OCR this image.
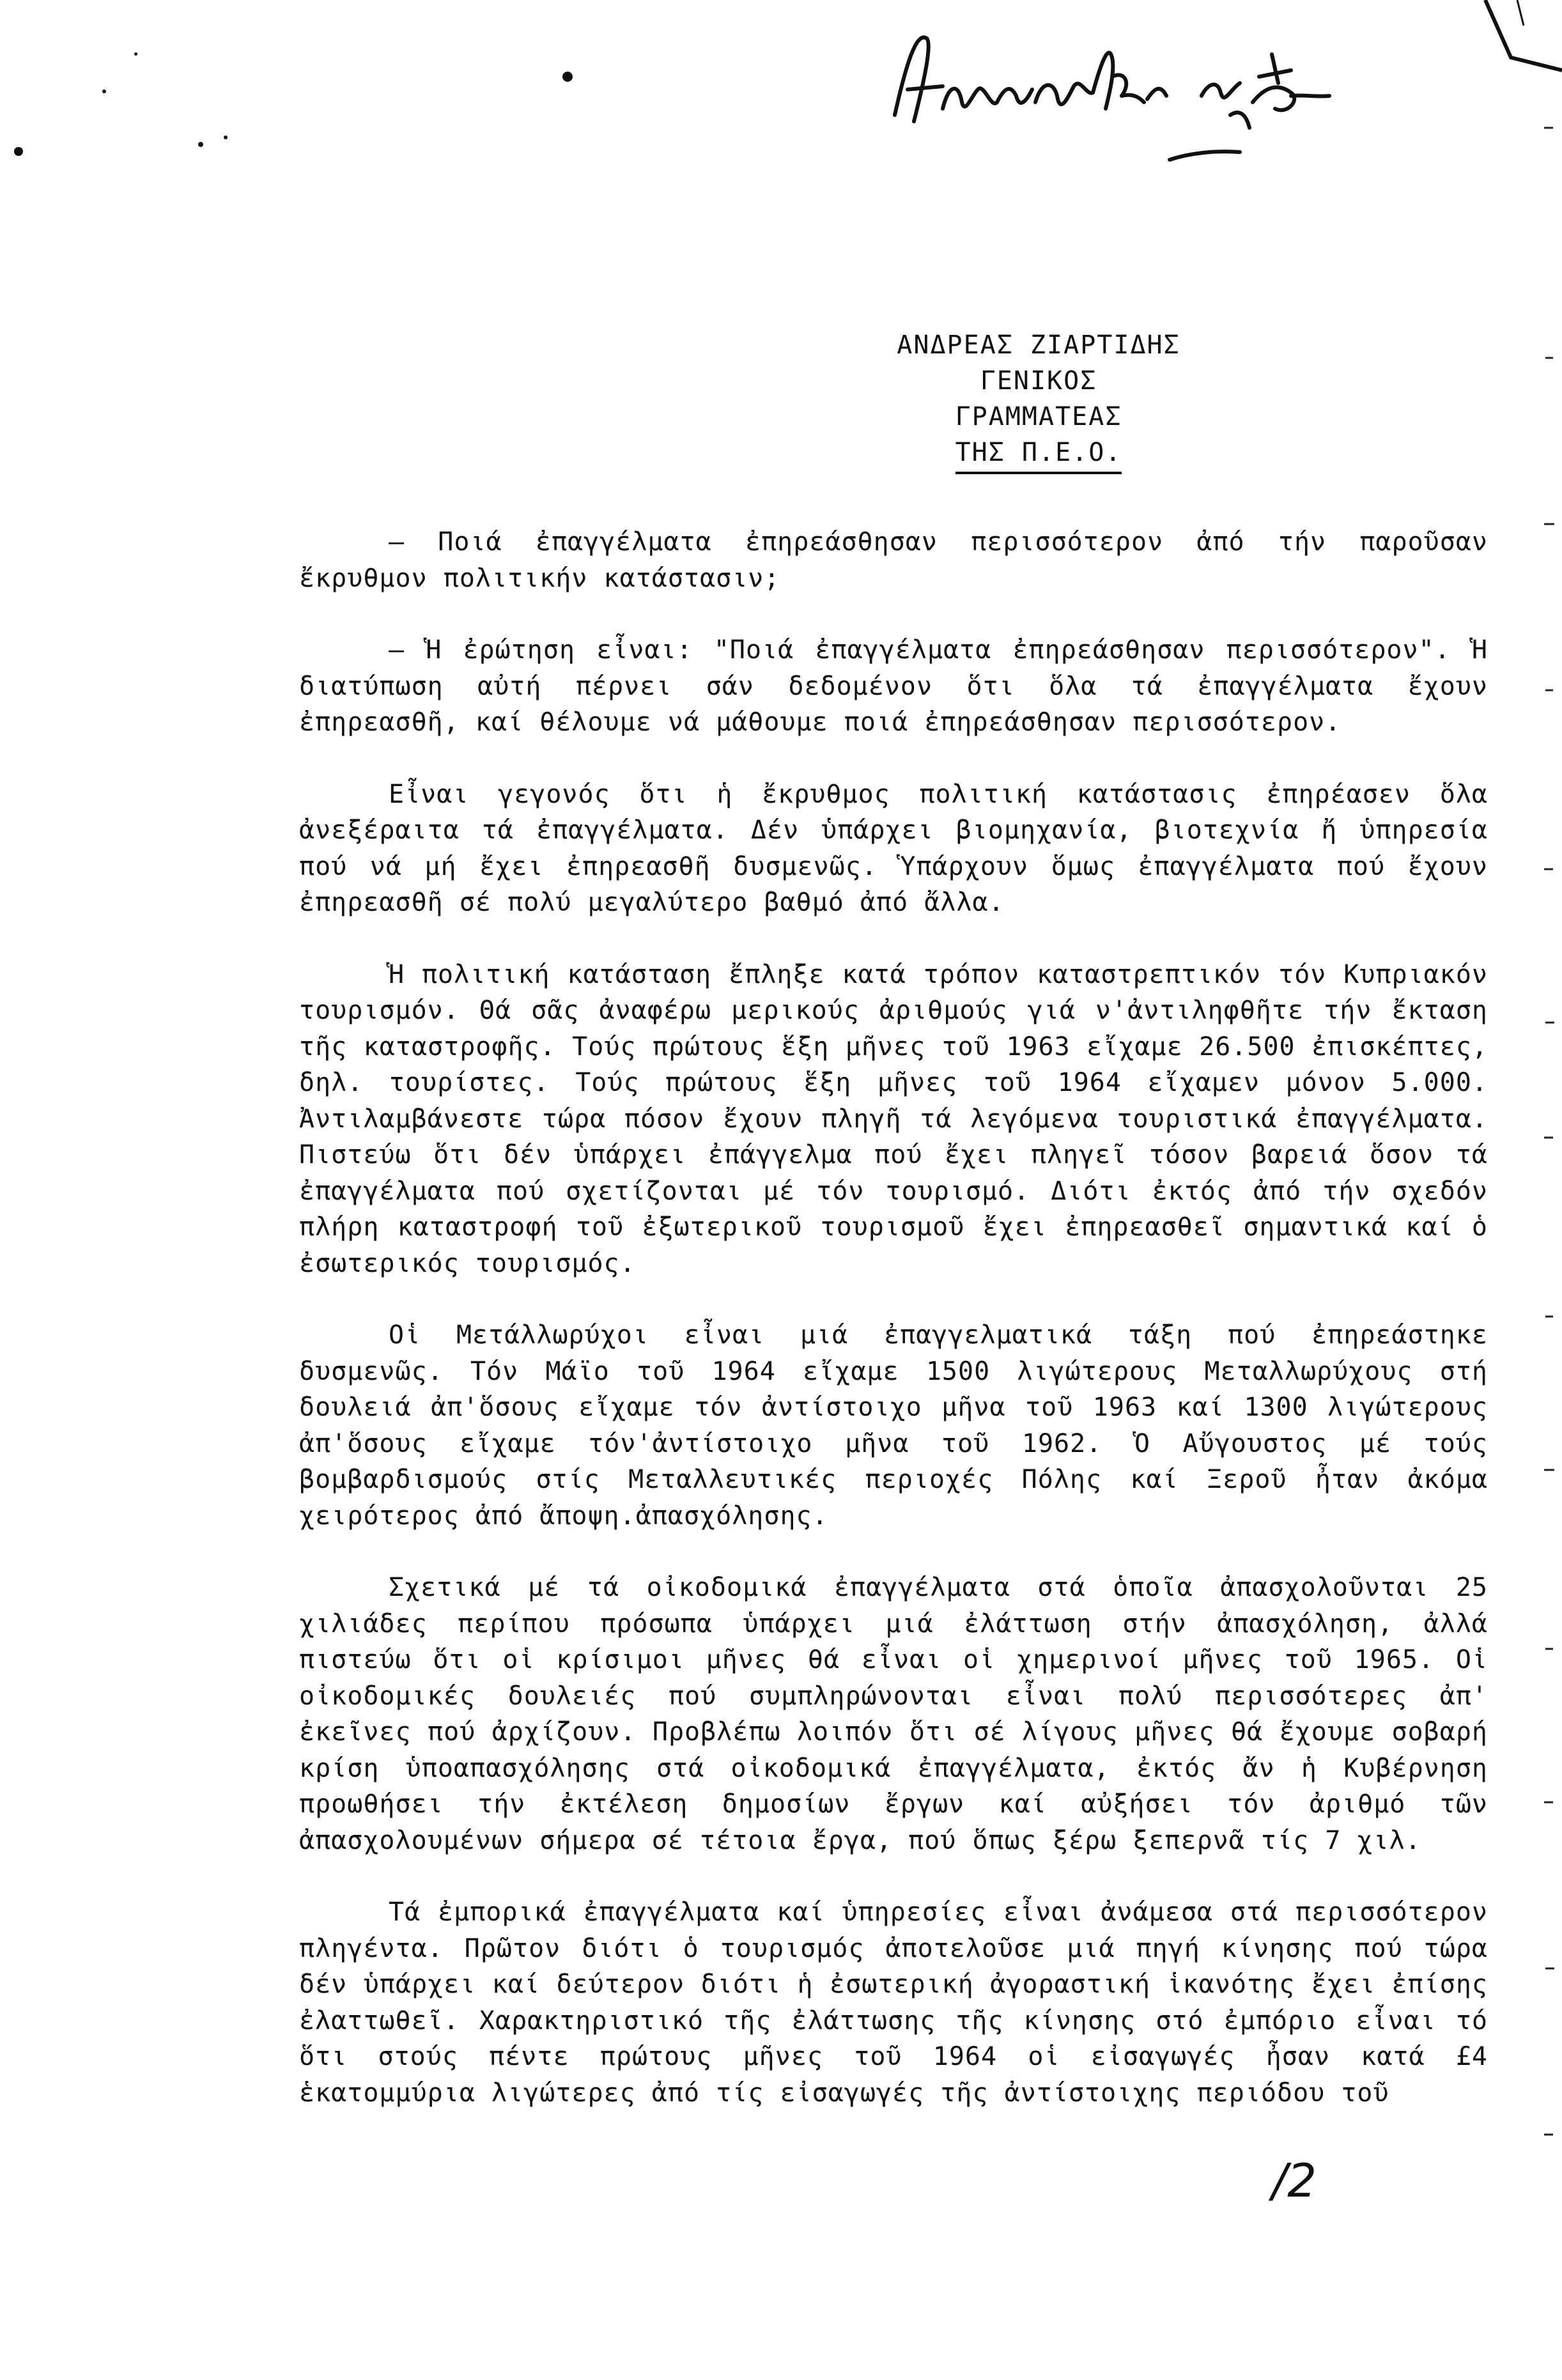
ΑΝΔΡΕΑΣ ΖΙΑΡΤΙΔΗΣ
ΓΕΝΙΚΟΣ ΓΡΑΜΜΑΤΕΑΣ
ΤΗΣ Π.Ε.Ο.

— Ποιά ἐπαγγέλματα ἐπηρεάσθησαν περισσότερον ἀπό τήν παροῦσαν ἔκρυθμον πολιτικήν κατάστασιν;

— Ἡ ἐρώτηση εἶναι: "Ποιά ἐπαγγέλματα ἐπηρεάσθησαν περισσότερον". Ἡ διατύπωση αὐτή πέρνει σάν δεδομένον ὅτι ὅλα τά ἐπαγγέλματα ἔχουν ἐπηρεασθῆ, καί θέλουμε νά μάθουμε ποιά ἐπηρεάσθησαν περισσότερον.

Εἶναι γεγονός ὅτι ἡ ἔκρυθμος πολιτική κατάστασις ἐπηρέασεν ὅλα ἀνεξέραιτα τά ἐπαγγέλματα. Δέν ὑπάρχει βιομηχανία, βιοτεχνία ἤ ὑπηρεσία πού νά μή ἔχει ἐπηρεασθῆ δυσμενῶς. Ὑπάρχουν ὅμως ἐπαγγέλματα πού ἔχουν ἐπηρεασθῆ σέ πολύ μεγαλύτερο βαθμό ἀπό ἄλλα.

Ἡ πολιτική κατάσταση ἔπληξε κατά τρόπον καταστρεπτικόν τόν Κυπριακόν τουρισμόν. Θά σᾶς ἀναφέρω μερικούς ἀριθμούς γιά ν'ἀντιληφθῆτε τήν ἔκταση τῆς καταστροφῆς. Τούς πρώτους ἕξη μῆνες τοῦ 1963 εἴχαμε 26.500 ἐπισκέπτες, δηλ. τουρίστες. Τούς πρώτους ἕξη μῆνες τοῦ 1964 εἴχαμεν μόνον 5.000. Ἀντιλαμβάνεστε τώρα πόσον ἔχουν πληγῆ τά λεγόμενα τουριστικά ἐπαγγέλματα. Πιστεύω ὅτι δέν ὑπάρχει ἐπάγγελμα πού ἔχει πληγεῖ τόσον βαρειά ὅσον τά ἐπαγγέλματα πού σχετίζονται μέ τόν τουρισμό. Διότι ἐκτός ἀπό τήν σχεδόν πλήρη καταστροφή τοῦ ἐξωτερικοῦ τουρισμοῦ ἔχει ἐπηρεασθεῖ σημαντικά καί ὁ ἐσωτερικός τουρισμός.

Οἱ Μετάλλωρύχοι εἶναι μιά ἐπαγγελματικά τάξη πού ἐπηρεάστηκε δυσμενῶς. Τόν Μάϊο τοῦ 1964 εἴχαμε 1500 λιγώτερους Μεταλλωρύχους στή δουλειά ἀπ'ὅσους εἴχαμε τόν ἀντίστοιχο μῆνα τοῦ 1963 καί 1300 λιγώτερους ἀπ'ὅσους εἴχαμε τόν'ἀντίστοιχο μῆνα τοῦ 1962. Ὁ Αὔγουστος μέ τούς βομβαρδισμούς στίς Μεταλλευτικές περιοχές Πόλης καί Ξεροῦ ἦταν ἀκόμα χειρότερος ἀπό ἄποψη.ἀπασχόλησης.

Σχετικά μέ τά οἰκοδομικά ἐπαγγέλματα στά ὁποῖα ἀπασχολοῦνται 25 χιλιάδες περίπου πρόσωπα ὑπάρχει μιά ἐλάττωση στήν ἀπασχόληση, ἀλλά πιστεύω ὅτι οἱ κρίσιμοι μῆνες θά εἶναι οἱ χημερινοί μῆνες τοῦ 1965. Οἱ οἰκοδομικές δουλειές πού συμπληρώνονται εἶναι πολύ περισσότερες ἀπ' ἐκεῖνες πού ἀρχίζουν. Προβλέπω λοιπόν ὅτι σέ λίγους μῆνες θά ἔχουμε σοβαρή κρίση ὑποαπασχόλησης στά οἰκοδομικά ἐπαγγέλματα, ἐκτός ἄν ἡ Κυβέρνηση προωθήσει τήν ἐκτέλεση δημοσίων ἔργων καί αὐξήσει τόν ἀριθμό τῶν ἀπασχολουμένων σήμερα σέ τέτοια ἔργα, πού ὅπως ξέρω ξεπερνᾶ τίς 7 χιλ.

Τά ἐμπορικά ἐπαγγέλματα καί ὑπηρεσίες εἶναι ἀνάμεσα στά περισσότερον πληγέντα. Πρῶτον διότι ὁ τουρισμός ἀποτελοῦσε μιά πηγή κίνησης πού τώρα δέν ὑπάρχει καί δεύτερον διότι ἡ ἐσωτερική ἀγοραστική ἱκανότης ἔχει ἐπίσης ἐλαττωθεῖ. Χαρακτηριστικό τῆς ἐλάττωσης τῆς κίνησης στό ἐμπόριο εἶναι τό ὅτι στούς πέντε πρώτους μῆνες τοῦ 1964 οἱ εἰσαγωγές ἦσαν κατά £4 ἑκατομμύρια λιγώτερες ἀπό τίς εἰσαγωγές τῆς ἀντίστοιχης περιόδου τοῦ

/2
